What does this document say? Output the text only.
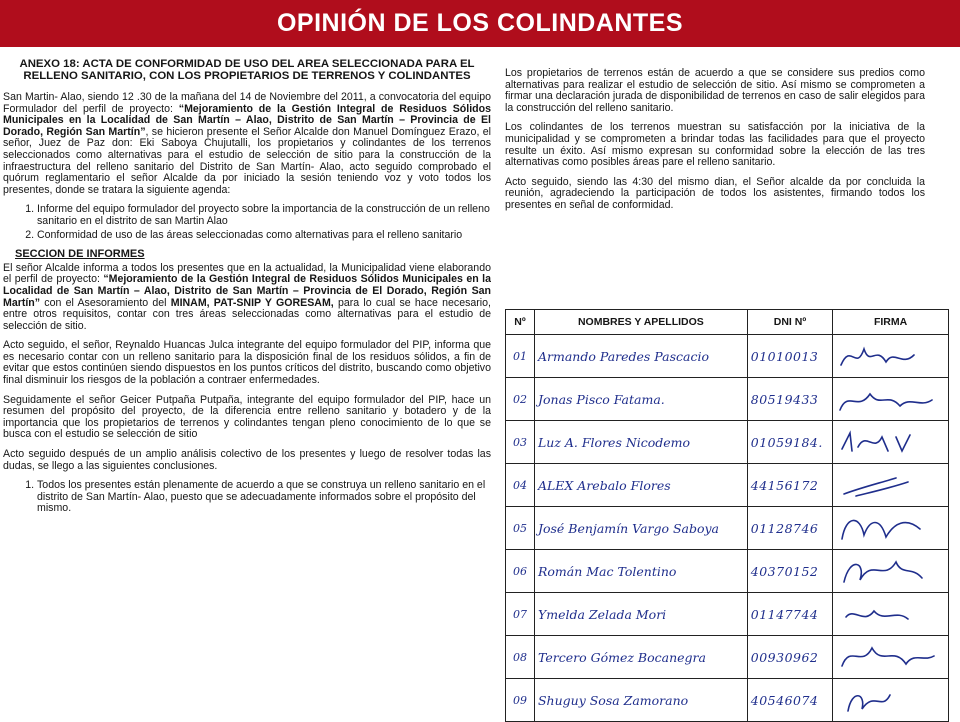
OPINIÓN DE LOS COLINDANTES
ANEXO 18: ACTA DE CONFORMIDAD DE USO DEL AREA SELECCIONADA PARA EL RELLENO SANITARIO, CON LOS PROPIETARIOS DE TERRENOS Y COLINDANTES

San Martin- Alao, siendo 12 .30 de la mañana del 14 de Noviembre del 2011, a convocatoria del equipo Formulador del perfil de proyecto: “Mejoramiento de la Gestión Integral de Residuos Sólidos Municipales en la Localidad de San Martín – Alao, Distrito de San Martín – Provincia de El Dorado, Región San Martín”, se hicieron presente el Señor Alcalde don Manuel Domínguez Erazo, el señor, Juez de Paz don: Eki Saboya Chujutalli, los propietarios y colindantes de los terrenos seleccionados como alternativas para el estudio de selección de sitio para la construcción de la infraestructura del relleno sanitario del Distrito de San Martín- Alao, acto seguido comprobado el quórum reglamentario el señor Alcalde da por iniciado la sesión teniendo voz y voto todos los presentes, donde se tratara la siguiente agenda:

1. Informe del equipo formulador del proyecto sobre la importancia de la construcción de un relleno sanitario en el distrito de san Martin Alao
2. Conformidad de uso de las áreas seleccionadas como alternativas para el relleno sanitario
SECCION DE INFORMES

El señor Alcalde informa a todos los presentes que en la actualidad, la Municipalidad viene elaborando el perfil de proyecto: “Mejoramiento de la Gestión Integral de Residuos Sólidos Municipales en la Localidad de San Martín – Alao, Distrito de San Martín – Provincia de El Dorado, Región San Martín” con el Asesoramiento del MINAM, PAT-SNIP Y GORESAM, para lo cual se hace necesario, entre otros requisitos, contar con tres áreas seleccionadas como alternativas para el estudio de selección de sitio.

Acto seguido, el señor, Reynaldo Huancas Julca integrante del equipo formulador del PIP, informa que es necesario contar con un relleno sanitario para la disposición final de los residuos sólidos, a fin de evitar que estos continúen siendo dispuestos en los puntos críticos del distrito, buscando como objetivo final disminuir los riesgos de la población a contraer enfermedades.

Seguidamente el señor Geicer Putpaña Putpaña, integrante del equipo formulador del PIP, hace un resumen del propósito del proyecto, de la diferencia entre relleno sanitario y botadero y de la importancia que los propietarios de terrenos y colindantes tengan pleno conocimiento de lo que se busca con el estudio se selección de sitio

Acto seguido después de un amplio análisis colectivo de los presentes y luego de resolver todas las dudas, se llego a las siguientes conclusiones.

1. Todos los presentes están plenamente de acuerdo a que se construya un relleno sanitario en el distrito de San Martín- Alao, puesto que se adecuadamente informados sobre el propósito del mismo.

Los propietarios de terrenos están de acuerdo a que se considere sus predios como alternativas para realizar el estudio de selección de sitio. Así mismo se comprometen a firmar una declaración jurada de disponibilidad de terrenos en caso de salir elegidos para la construcción del relleno sanitario.

Los colindantes de los terrenos muestran su satisfacción por la iniciativa de la municipalidad y se comprometen a brindar todas las facilidades para que el proyecto resulte un éxito. Así mismo expresan su conformidad sobre la elección de las tres alternativas como posibles áreas pare el relleno sanitario.

Acto seguido, siendo las 4:30 del mismo dian, el Señor alcalde da por concluida la reunión, agradeciendo la participación de todos los asistentes, firmando todos los presentes en señal de conformidad.

Nº	NOMBRES Y APELLIDOS	DNI Nº	FIRMA
01	Armando Paredes Pascacio	01010013	

02	Jonas Pisco Fatama.	80519433	

03	Luz A. Flores Nicodemo	01059184.	

04	ALEX Arebalo Flores	44156172	

05	José Benjamín Vargo Saboya	01128746	

06	Román Mac Tolentino	40370152	

07	Ymelda Zelada Mori	01147744	

08	Tercero Gómez Bocanegra	00930962	

09	Shuguy Sosa Zamorano	40546074	
